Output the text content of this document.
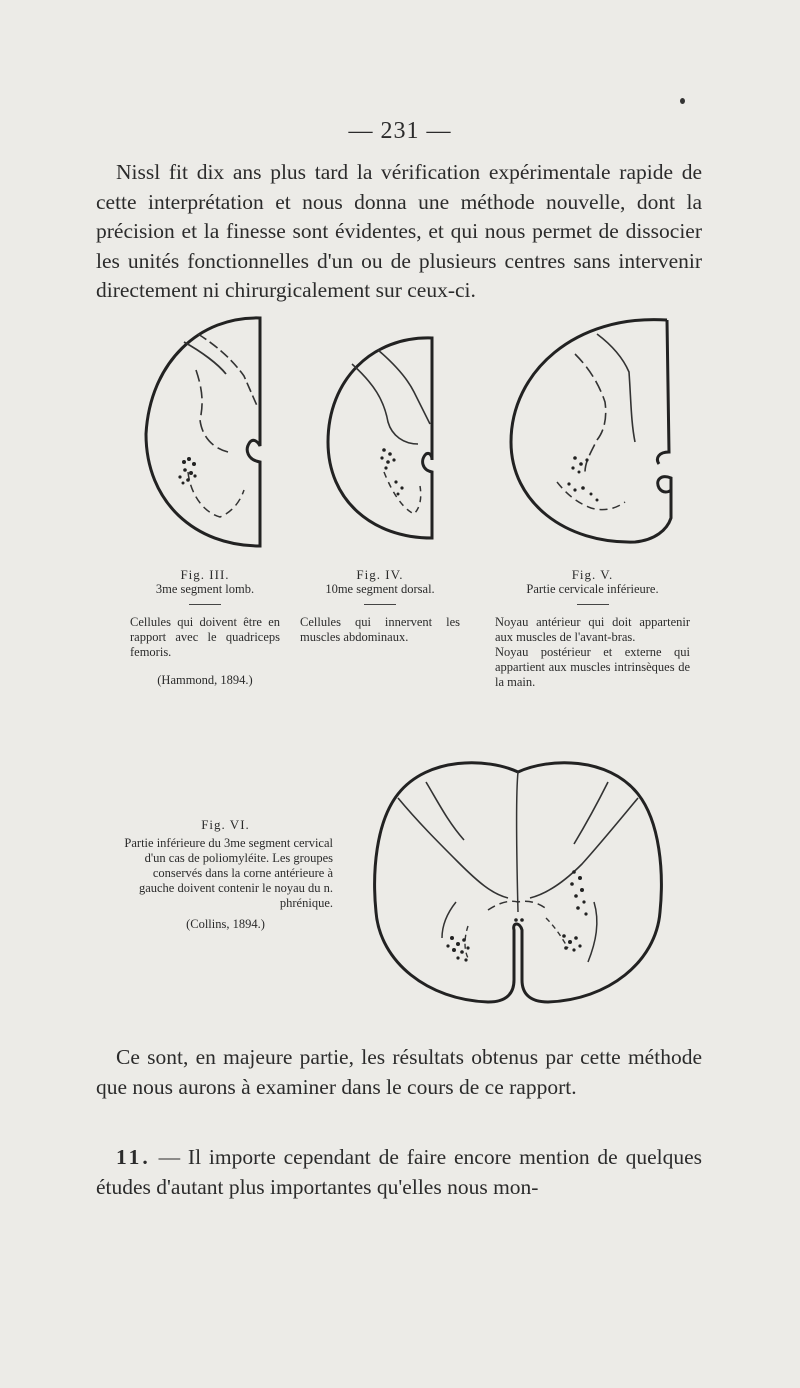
— 231 —
Nissl fit dix ans plus tard la vérification expérimentale rapide de cette interprétation et nous donna une méthode nouvelle, dont la précision et la finesse sont évidentes, et qui nous permet de dissocier les unités fonctionnelles d'un ou de plusieurs centres sans intervenir directement ni chirurgicalement sur ceux-ci.
Fig. III.
3me segment lomb.
Cellules qui doivent être en rapport avec le quadriceps femoris.
(Hammond, 1894.)
Fig. IV.
10me segment dorsal.
Cellules qui innervent les muscles abdominaux.
Fig. V.
Partie cervicale inférieure.
Noyau antérieur qui doit appartenir aux muscles de l'avant-bras.
Noyau postérieur et externe qui appartient aux muscles intrinsèques de la main.
Fig. VI.
Partie inférieure du 3me segment cervical d'un cas de poliomyléite. Les groupes conservés dans la corne antérieure à gauche doivent contenir le noyau du n. phrénique.
(Collins, 1894.)
Ce sont, en majeure partie, les résultats obtenus par cette méthode que nous aurons à examiner dans le cours de ce rapport.
11. — Il importe cependant de faire encore mention de quelques études d'autant plus importantes qu'elles nous mon-
